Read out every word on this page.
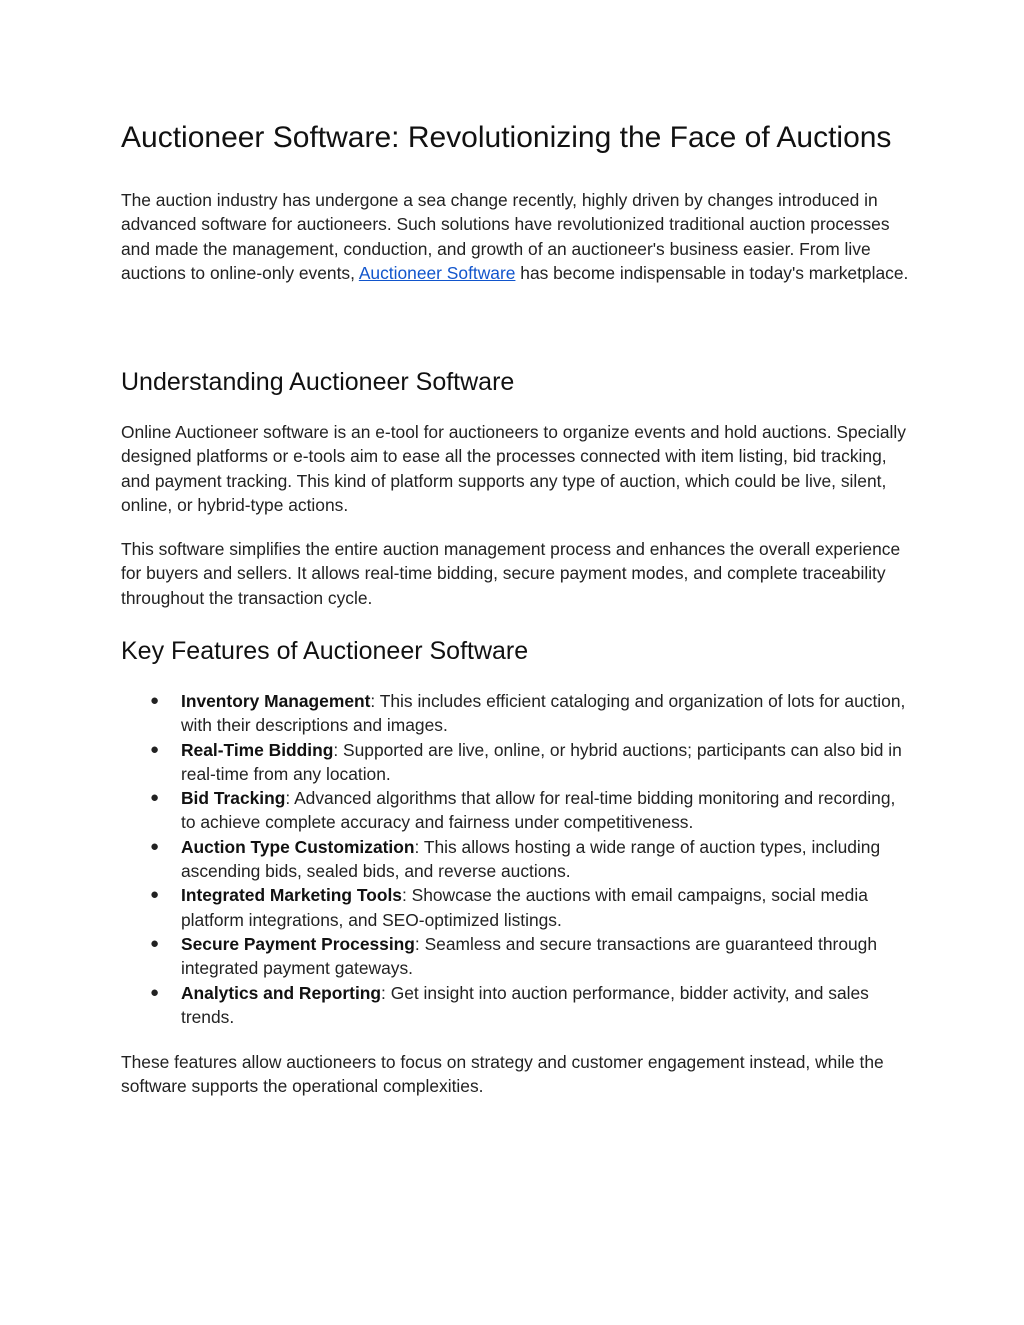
Auctioneer Software: Revolutionizing the Face of Auctions

The auction industry has undergone a sea change recently, highly driven by changes introduced in advanced software for auctioneers. Such solutions have revolutionized traditional auction processes and made the management, conduction, and growth of an auctioneer's business easier. From live auctions to online-only events, Auctioneer Software has become indispensable in today's marketplace.

Understanding Auctioneer Software

Online Auctioneer software is an e-tool for auctioneers to organize events and hold auctions. Specially designed platforms or e-tools aim to ease all the processes connected with item listing, bid tracking, and payment tracking. This kind of platform supports any type of auction, which could be live, silent, online, or hybrid-type actions.

This software simplifies the entire auction management process and enhances the overall experience for buyers and sellers. It allows real-time bidding, secure payment modes, and complete traceability throughout the transaction cycle.

Key Features of Auctioneer Software
● Inventory Management: This includes efficient cataloging and organization of lots for auction, with their descriptions and images.
● Real-Time Bidding: Supported are live, online, or hybrid auctions; participants can also bid in real-time from any location.
● Bid Tracking: Advanced algorithms that allow for real-time bidding monitoring and recording, to achieve complete accuracy and fairness under competitiveness.
● Auction Type Customization: This allows hosting a wide range of auction types, including ascending bids, sealed bids, and reverse auctions.
● Integrated Marketing Tools: Showcase the auctions with email campaigns, social media platform integrations, and SEO-optimized listings.
● Secure Payment Processing: Seamless and secure transactions are guaranteed through integrated payment gateways.
● Analytics and Reporting: Get insight into auction performance, bidder activity, and sales trends.

These features allow auctioneers to focus on strategy and customer engagement instead, while the software supports the operational complexities.
